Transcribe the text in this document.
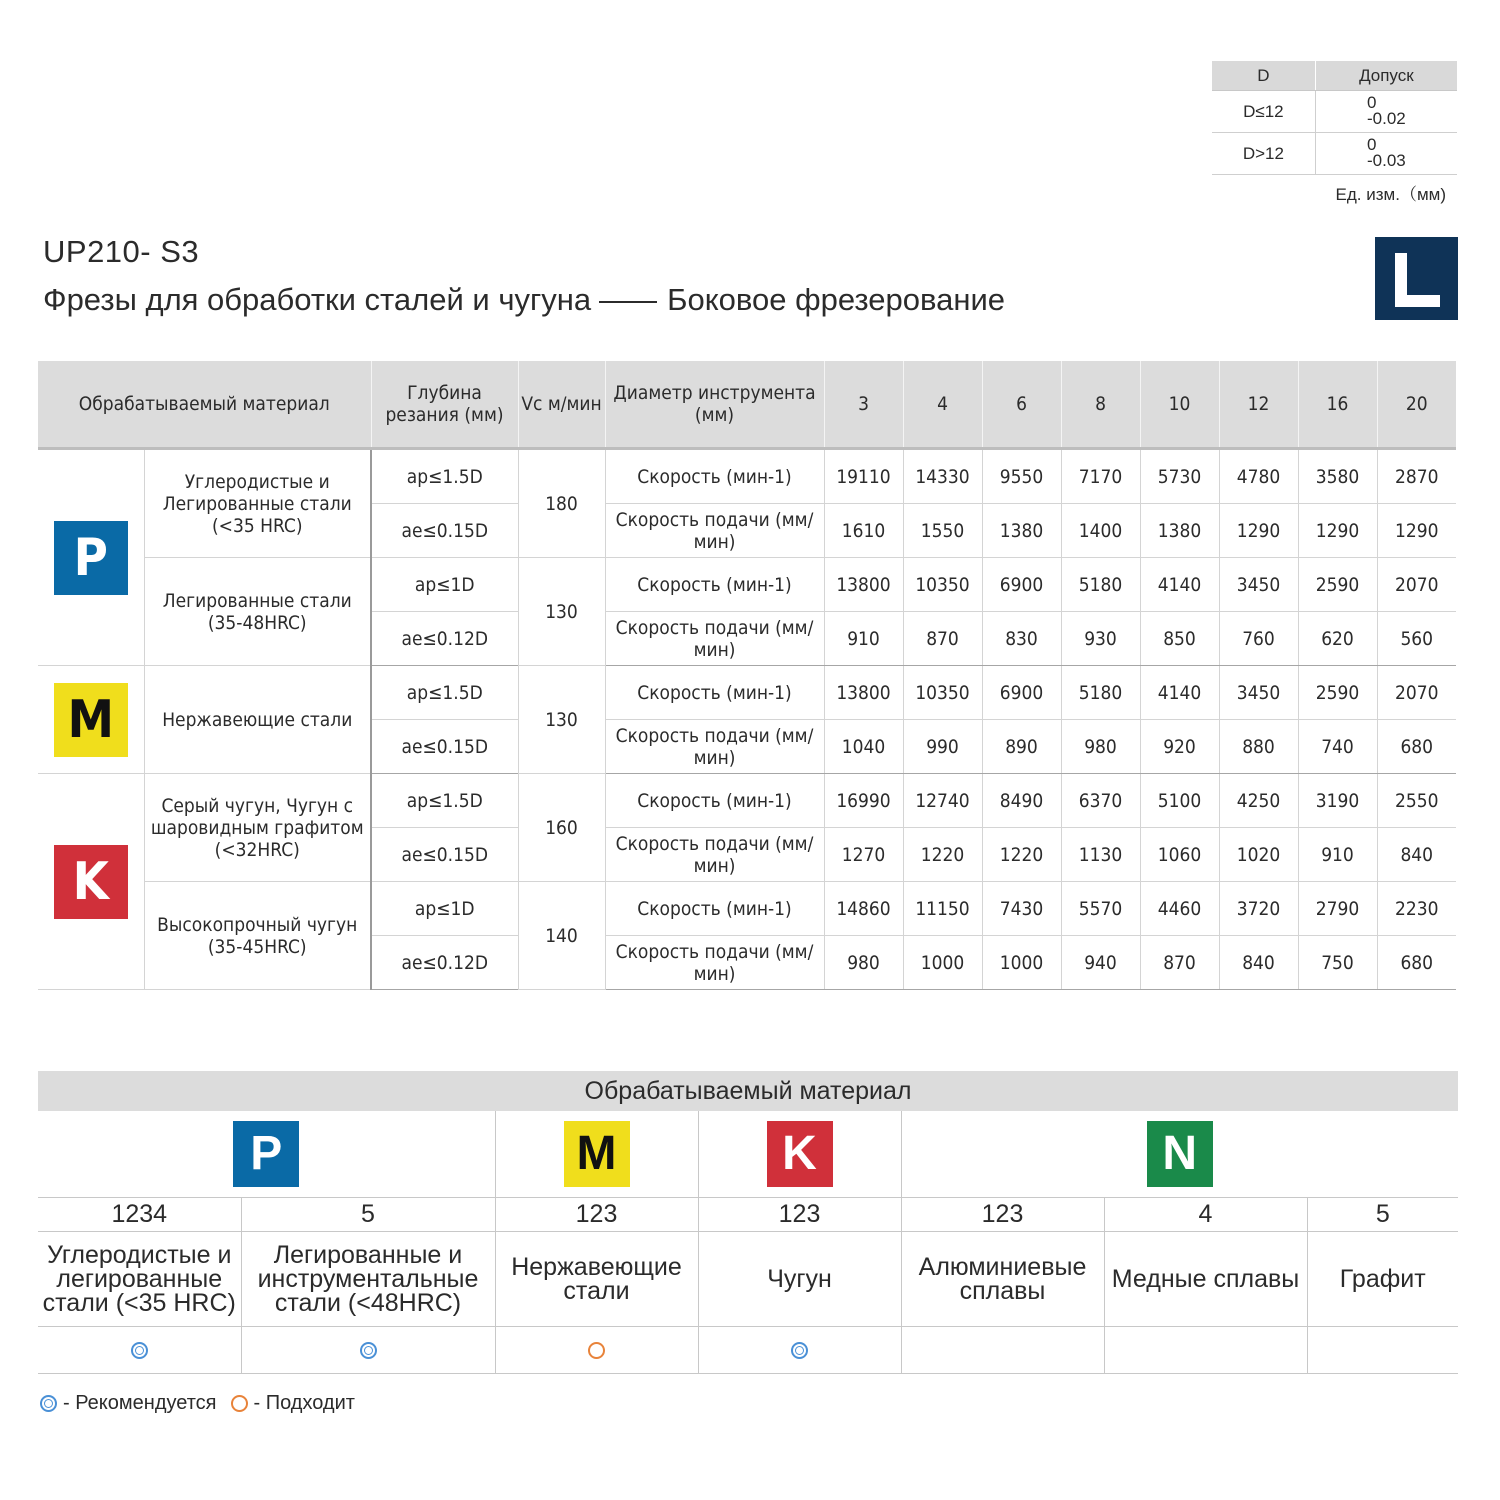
D	Допуск
D≤12	0
-0.02
D>12	0
-0.03
Ед. изм.（мм)
UP210- S3
Фрезы для обработки сталей и чугуна Боковое фрезерование
Обрабатываемый материал		Глубина резания (мм)	Vc м/мин	Диаметр инструмента (мм)	3	4	6	8	10	12	16	20
P	Углеродистые и Легированные стали (<35 HRC)	ap≤1.5D	180	Скорость (мин-1)	19110	14330	9550	7170	5730	4780	3580	2870
		ae≤0.15D		Скорость подачи (мм/мин)	1610	1550	1380	1400	1380	1290	1290	1290
	Легированные стали (35-48HRC)	ap≤1D	130	Скорость (мин-1)	13800	10350	6900	5180	4140	3450	2590	2070
		ae≤0.12D		Скорость подачи (мм/мин)	910	870	830	930	850	760	620	560
M	Нержавеющие стали	ap≤1.5D	130	Скорость (мин-1)	13800	10350	6900	5180	4140	3450	2590	2070
		ae≤0.15D		Скорость подачи (мм/мин)	1040	990	890	980	920	880	740	680
K	Серый чугун, Чугун с шаровидным графитом (<32HRC)	ap≤1.5D	160	Скорость (мин-1)	16990	12740	8490	6370	5100	4250	3190	2550
		ae≤0.15D		Скорость подачи (мм/мин)	1270	1220	1220	1130	1060	1020	910	840
	Высокопрочный чугун (35-45HRC)	ap≤1D	140	Скорость (мин-1)	14860	11150	7430	5570	4460	3720	2790	2230
		ae≤0.12D		Скорость подачи (мм/мин)	980	1000	1000	940	870	840	750	680
Обрабатываемый материал						
P		M	K	N		
1234	5	123	123	123	4	5
Углеродистые и легированные стали (<35 HRC)	Легированные и инструментальные стали (<48HRC)	Нержавеющие стали	Чугун	Алюминиевые сплавы	Медные сплавы	Графит

- Рекомендуется - Подходит
